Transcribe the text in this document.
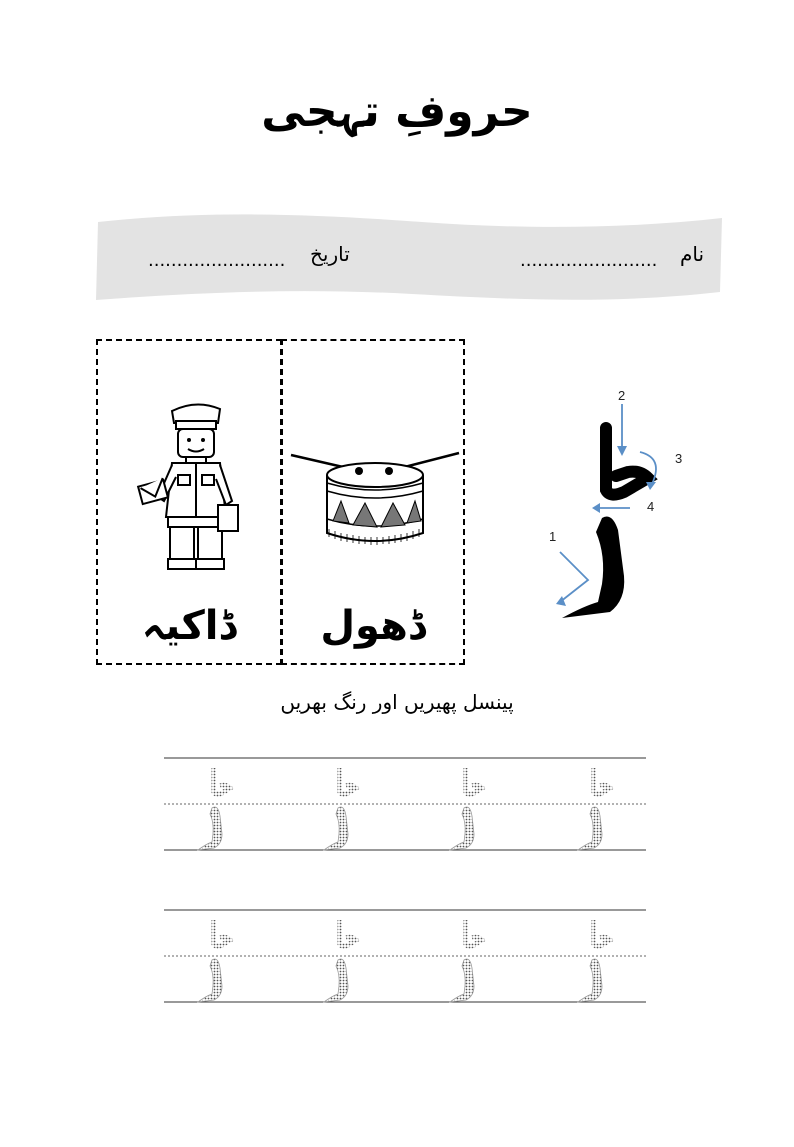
حروفِ تہجی
نام
........................
تاریخ
........................
ڈاکیہ	ڈھول
1
2
3
4
پینسل پھیریں اور رنگ بھریں
